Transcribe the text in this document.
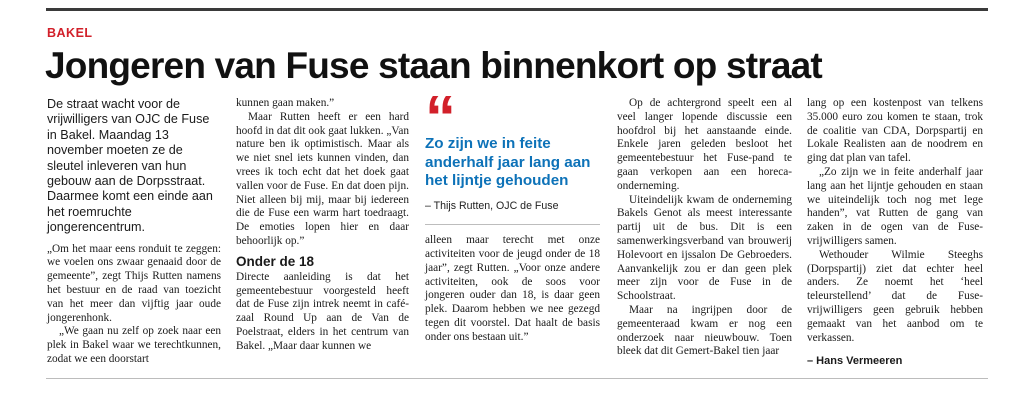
BAKEL
Jongeren van Fuse staan binnenkort op straat

De straat wacht voor de vrijwilligers van OJC de Fuse in Bakel. Maandag 13 november moeten ze de sleutel inleveren van hun gebouw aan de Dorpsstraat. Daarmee komt een einde aan het roemruchte jongerencentrum.

„Om het maar eens ronduit te zeggen: we voelen ons zwaar genaaid door de gemeente”, zegt Thijs Rutten namens het bestuur en de raad van toezicht van het meer dan vijftig jaar oude jongerenhonk.

„We gaan nu zelf op zoek naar een plek in Bakel waar we terechtkunnen, zodat we een doorstart

kunnen gaan maken.”

Maar Rutten heeft er een hard hoofd in dat dit ook gaat lukken. „Van nature ben ik optimistisch. Maar als we niet snel iets kunnen vinden, dan vrees ik toch echt dat het doek gaat vallen voor de Fuse. En dat doen pijn. Niet alleen bij mij, maar bij iedereen die de Fuse een warm hart toedraagt. De emoties lopen hier en daar behoorlijk op.”

Onder de 18

Directe aanleiding is dat het gemeentebestuur voorgesteld heeft dat de Fuse zijn intrek neemt in café-zaal Round Up aan de Van de Poelstraat, elders in het centrum van Bakel. „Maar daar kunnen we

“
Zo zijn we in feite anderhalf jaar lang aan het lijntje gehouden
– Thijs Rutten, OJC de Fuse

alleen maar terecht met onze activiteiten voor de jeugd onder de 18 jaar”, zegt Rutten. „Voor onze andere activiteiten, ook de soos voor jongeren ouder dan 18, is daar geen plek. Daarom hebben we nee gezegd tegen dit voorstel. Dat haalt de basis onder ons bestaan uit.”

Op de achtergrond speelt een al veel langer lopende discussie een hoofdrol bij het aanstaande einde. Enkele jaren geleden besloot het gemeentebestuur het Fuse-pand te gaan verkopen aan een horeca-onderneming.

Uiteindelijk kwam de onderneming Bakels Genot als meest interessante partij uit de bus. Dit is een samenwerkingsverband van brouwerij Holevoort en ijssalon De Gebroeders. Aanvankelijk zou er dan geen plek meer zijn voor de Fuse in de Schoolstraat.

Maar na ingrijpen door de gemeenteraad kwam er nog een onderzoek naar nieuwbouw. Toen bleek dat dit Gemert-Bakel tien jaar

lang op een kostenpost van telkens 35.000 euro zou komen te staan, trok de coalitie van CDA, Dorpspartij en Lokale Realisten aan de noodrem en ging dat plan van tafel.

„Zo zijn we in feite anderhalf jaar lang aan het lijntje gehouden en staan we uiteindelijk toch nog met lege handen”, vat Rutten de gang van zaken in de ogen van de Fuse-vrijwilligers samen.

Wethouder Wilmie Steeghs (Dorpspartij) ziet dat echter heel anders. Ze noemt het ‘heel teleurstellend’ dat de Fuse-vrijwilligers geen gebruik hebben gemaakt van het aanbod om te verkassen.

– Hans Vermeeren
